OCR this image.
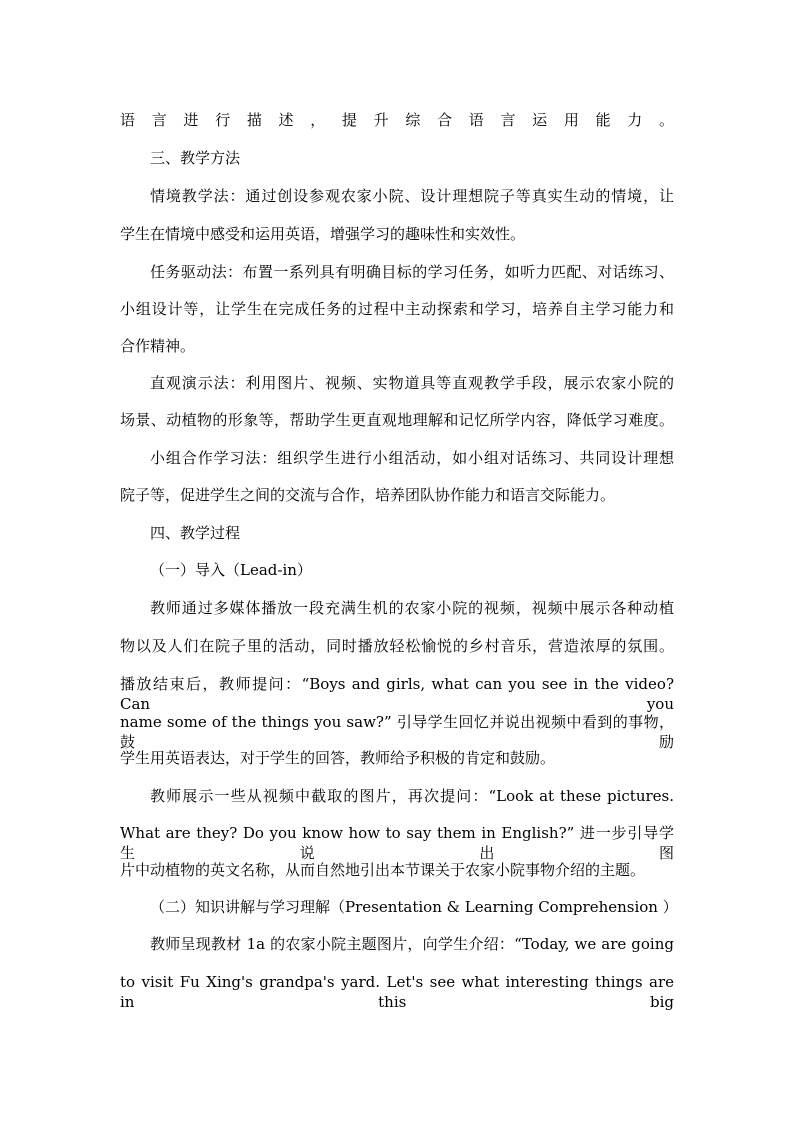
语言进行描述，提升综合语言运用能力。
三、教学方法
情境教学法：通过创设参观农家小院、设计理想院子等真实生动的情境，让
学生在情境中感受和运用英语，增强学习的趣味性和实效性。
任务驱动法：布置一系列具有明确目标的学习任务，如听力匹配、对话练习、
小组设计等，让学生在完成任务的过程中主动探索和学习，培养自主学习能力和
合作精神。
直观演示法：利用图片、视频、实物道具等直观教学手段，展示农家小院的
场景、动植物的形象等，帮助学生更直观地理解和记忆所学内容，降低学习难度。
小组合作学习法：组织学生进行小组活动，如小组对话练习、共同设计理想
院子等，促进学生之间的交流与合作，培养团队协作能力和语言交际能力。
四、教学过程
（一）导入（Lead-in）
教师通过多媒体播放一段充满生机的农家小院的视频，视频中展示各种动植
物以及人们在院子里的活动，同时播放轻松愉悦的乡村音乐，营造浓厚的氛围。
播放结束后，教师提问：“Boys and girls, what can you see in the video? Can you
name some of the things you saw?” 引导学生回忆并说出视频中看到的事物，鼓励
学生用英语表达，对于学生的回答，教师给予积极的肯定和鼓励。
教师展示一些从视频中截取的图片，再次提问：“Look at these pictures.
What are they? Do you know how to say them in English?” 进一步引导学生说出图
片中动植物的英文名称，从而自然地引出本节课关于农家小院事物介绍的主题。
（二）知识讲解与学习理解（Presentation & Learning Comprehension ）
教师呈现教材 1a 的农家小院主题图片，向学生介绍：“Today, we are going
to visit Fu Xing's grandpa's yard. Let's see what interesting things are in this big
